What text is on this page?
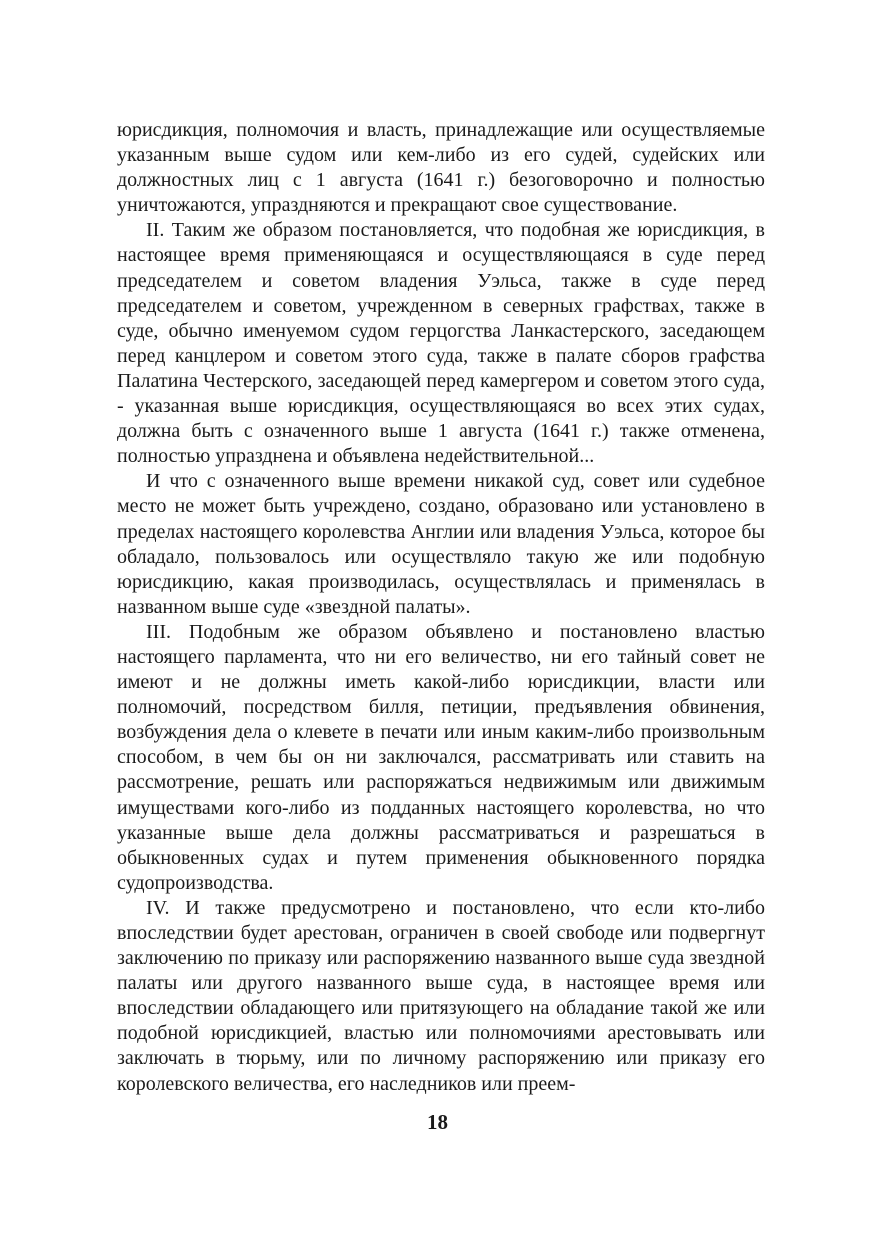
юрисдикция, полномочия и власть, принадлежащие или осуществляемые указанным выше судом или кем-либо из его судей, судейских или должностных лиц с 1 августа (1641 г.) безоговорочно и полностью уничтожаются, упраздняются и прекращают свое существование.

II. Таким же образом постановляется, что подобная же юрисдикция, в настоящее время применяющаяся и осуществляющаяся в суде перед председателем и советом владения Уэльса, также в суде перед председателем и советом, учрежденном в северных графствах, также в суде, обычно именуемом судом герцогства Ланкастерского, заседающем перед канцлером и советом этого суда, также в палате сборов графства Палатина Честерского, заседающей перед камергером и советом этого суда, - указанная выше юрисдикция, осуществляющаяся во всех этих судах, должна быть с означенного выше 1 августа (1641 г.) также отменена, полностью упразднена и объявлена недействительной...

И что с означенного выше времени никакой суд, совет или судебное место не может быть учреждено, создано, образовано или установлено в пределах настоящего королевства Англии или владения Уэльса, которое бы обладало, пользовалось или осуществляло такую же или подобную юрисдикцию, какая производилась, осуществлялась и применялась в названном выше суде «звездной палаты».

III. Подобным же образом объявлено и постановлено властью настоящего парламента, что ни его величество, ни его тайный совет не имеют и не должны иметь какой-либо юрисдикции, власти или полномочий, посредством билля, петиции, предъявления обвинения, возбуждения дела о клевете в печати или иным каким-либо произвольным способом, в чем бы он ни заключался, рассматривать или ставить на рассмотрение, решать или распоряжаться недвижимым или движимым имуществами кого-либо из подданных настоящего королевства, но что указанные выше дела должны рассматриваться и разрешаться в обыкновенных судах и путем применения обыкновенного порядка судопроизводства.

IV. И также предусмотрено и постановлено, что если кто-либо впоследствии будет арестован, ограничен в своей свободе или подвергнут заключению по приказу или распоряжению названного выше суда звездной палаты или другого названного выше суда, в настоящее время или впоследствии обладающего или притязующего на обладание такой же или подобной юрисдикцией, властью или полномочиями арестовывать или заключать в тюрьму, или по личному распоряжению или приказу его королевского величества, его наследников или преем-

18
